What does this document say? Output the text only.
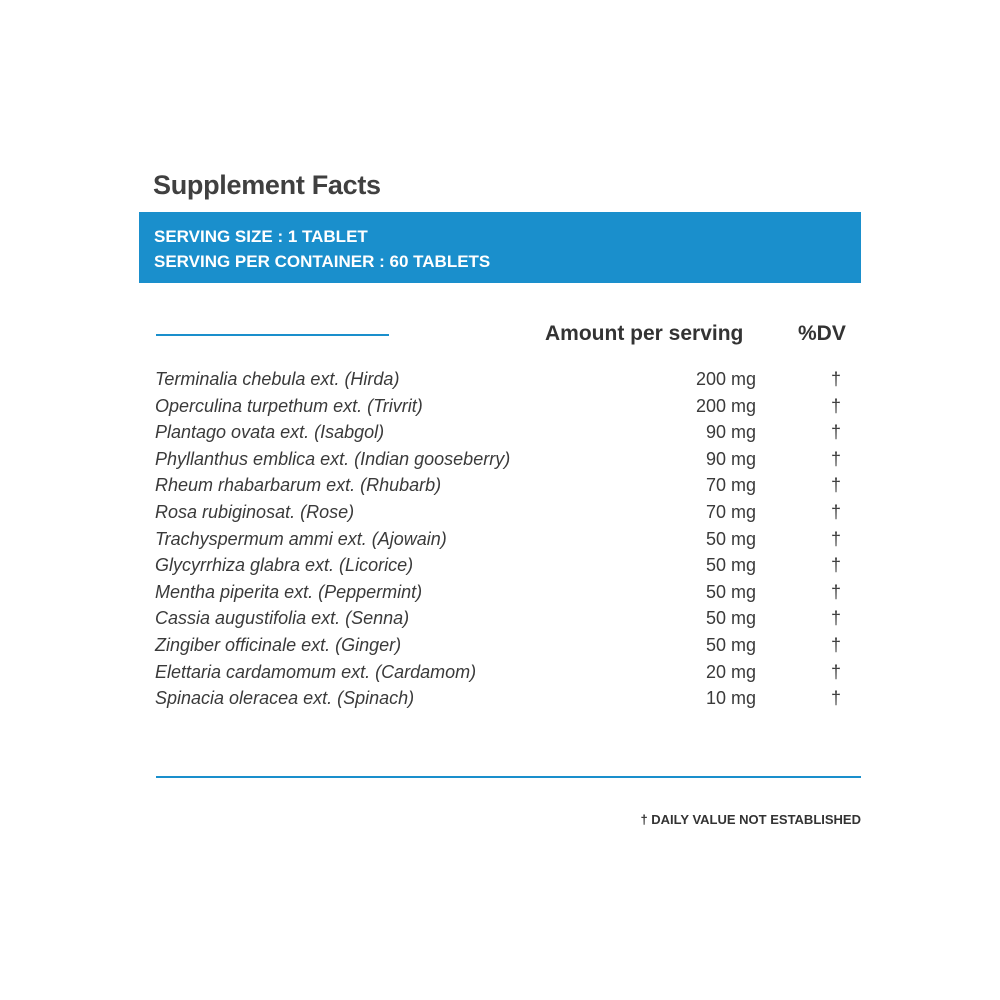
Supplement Facts
SERVING SIZE : 1 TABLET
SERVING PER CONTAINER : 60 TABLETS
Amount per serving	%DV
Terminalia chebula ext. (Hirda)	200 mg	†
Operculina turpethum ext. (Trivrit)	200 mg	†
Plantago ovata ext. (Isabgol)	90 mg	†
Phyllanthus emblica ext. (Indian gooseberry)	90 mg	†
Rheum rhabarbarum ext. (Rhubarb)	70 mg	†
Rosa rubiginosat. (Rose)	70 mg	†
Trachyspermum ammi ext. (Ajowain)	50 mg	†
Glycyrrhiza glabra ext. (Licorice)	50 mg	†
Mentha piperita ext. (Peppermint)	50 mg	†
Cassia augustifolia ext. (Senna)	50 mg	†
Zingiber officinale ext. (Ginger)	50 mg	†
Elettaria cardamomum ext. (Cardamom)	20 mg	†
Spinacia oleracea ext. (Spinach)	10 mg	†
† DAILY VALUE NOT ESTABLISHED
